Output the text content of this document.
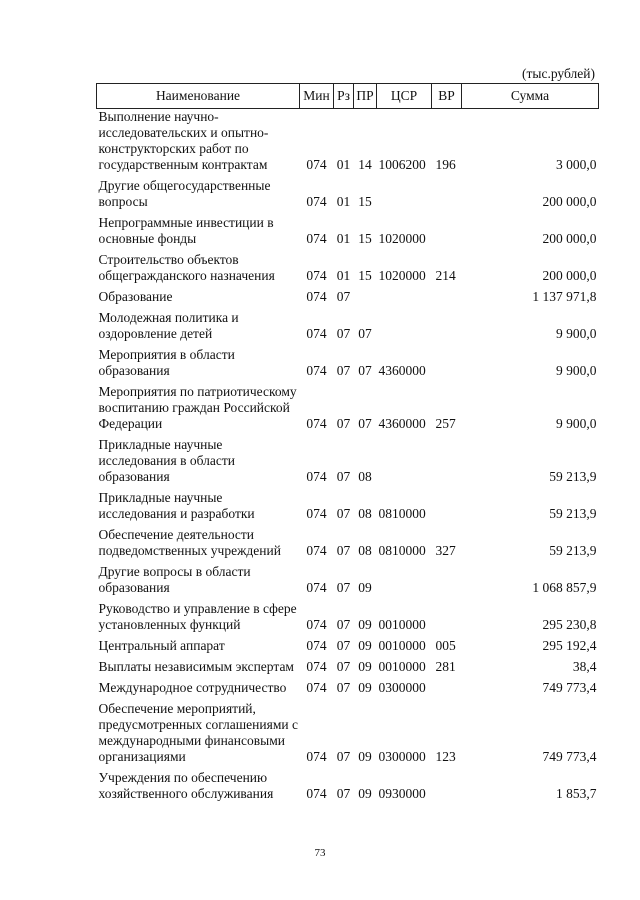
(тыс.рублей)
Наименование	Мин	Рз	ПР	ЦСР	ВР	Сумма
Выполнение научно-исследовательских и опытно-конструкторских работ по государственным контрактам	074	01	14	1006200	196	3 000,0
Другие общегосударственные вопросы	074	01	15			200 000,0
Непрограммные инвестиции в основные фонды	074	01	15	1020000		200 000,0
Строительство объектов общегражданского назначения	074	01	15	1020000	214	200 000,0
Образование	074	07				1 137 971,8
Молодежная политика и оздоровление детей	074	07	07			9 900,0
Мероприятия в области образования	074	07	07	4360000		9 900,0
Мероприятия по патриотическому воспитанию граждан Российской Федерации	074	07	07	4360000	257	9 900,0
Прикладные научные исследования в области образования	074	07	08			59 213,9
Прикладные научные исследования и разработки	074	07	08	0810000		59 213,9
Обеспечение деятельности подведомственных учреждений	074	07	08	0810000	327	59 213,9
Другие вопросы в области образования	074	07	09			1 068 857,9
Руководство и управление в сфере установленных функций	074	07	09	0010000		295 230,8
Центральный аппарат	074	07	09	0010000	005	295 192,4
Выплаты независимым экспертам	074	07	09	0010000	281	38,4
Международное сотрудничество	074	07	09	0300000		749 773,4
Обеспечение мероприятий, предусмотренных соглашениями с международными финансовыми организациями	074	07	09	0300000	123	749 773,4
Учреждения по обеспечению хозяйственного обслуживания	074	07	09	0930000		1 853,7
73
